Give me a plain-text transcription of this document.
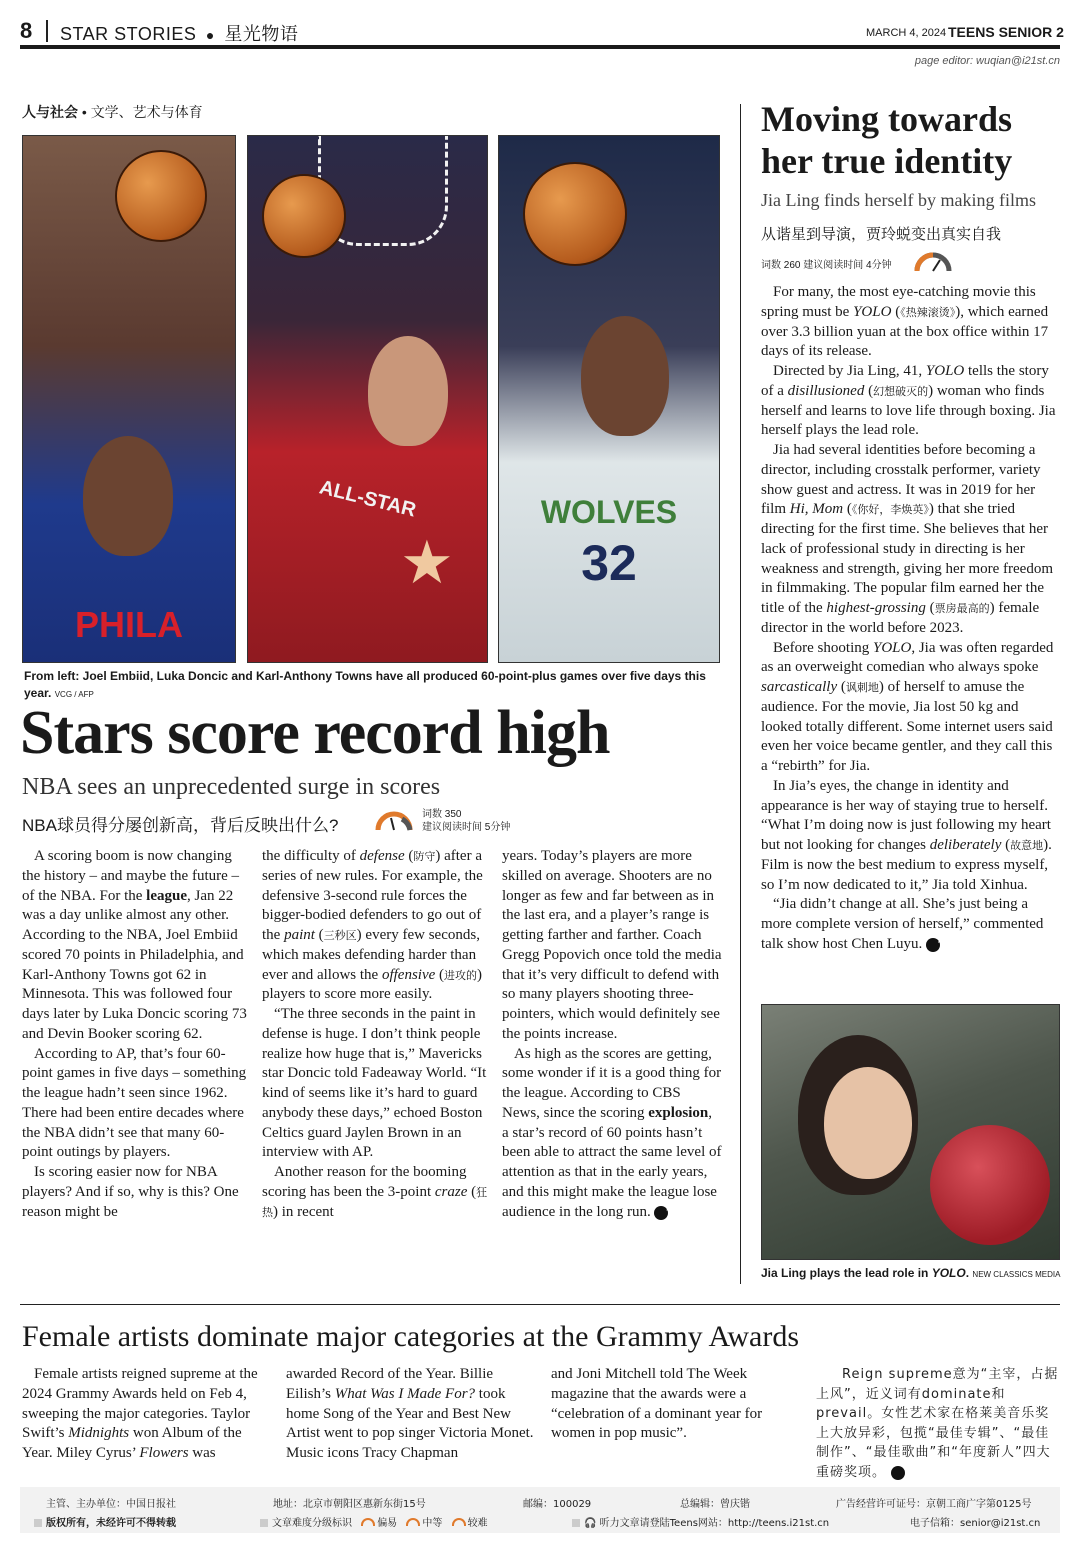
8 STAR STORIES ● 星光物语	MARCH 4, 2024 TEENS SENIOR 2
page editor: wuqian@i21st.cn
人与社会 • 文学、艺术与体育
PHILA
21
ALL-STAR
★
WOLVES
32
From left: Joel Embiid, Luka Doncic and Karl-Anthony Towns have all produced 60-point-plus games over five days this year. VCG / AFP
Stars score record high
NBA sees an unprecedented surge in scores
NBA球员得分屡创新高，背后反映出什么?
词数 350
建议阅读时间 5分钟

A scoring boom is now changing the history – and maybe the future – of the NBA. For the league, Jan 22 was a day unlike almost any other. According to the NBA, Joel Embiid scored 70 points in Philadelphia, and Karl-Anthony Towns got 62 in Minnesota. This was followed four days later by Luka Doncic scoring 73 and Devin Booker scoring 62.

According to AP, that’s four 60-point games in five days – something the league hadn’t seen since 1962. There had been entire decades where the NBA didn’t see that many 60-point outings by players.

Is scoring easier now for NBA players? And if so, why is this? One reason might be

the difficulty of defense (防守) after a series of new rules. For example, the defensive 3-second rule forces the bigger-bodied defenders to go out of the paint (三秒区) every few seconds, which makes defending harder than ever and allows the offensive (进攻的) players to score more easily.

“The three seconds in the paint in defense is huge. I don’t think people realize how huge that is,” Mavericks star Doncic told Fadeaway World. “It kind of seems like it’s hard to guard anybody these days,” echoed Boston Celtics guard Jaylen Brown in an interview with AP.

Another reason for the booming scoring has been the 3-point craze (狂热) in recent

years. Today’s players are more skilled on average. Shooters are no longer as few and far between as in the last era, and a player’s range is getting farther and farther. Coach Gregg Popovich once told the media that it’s very difficult to defend with so many players shooting three-pointers, which would definitely see the points increase.

As high as the scores are getting, some wonder if it is a good thing for the league. According to CBS News, since the scoring explosion, a star’s record of 60 points hasn’t been able to attract the same level of attention as that in the early years, and this might make the league lose audience in the long run. T

Moving towards her true identity
Jia Ling finds herself by making films
从谐星到导演，贾玲蜕变出真实自我
词数 260 建议阅读时间 4分钟

For many, the most eye-catching movie this spring must be YOLO (《热辣滚烫》), which earned over 3.3 billion yuan at the box office within 17 days of its release.

Directed by Jia Ling, 41, YOLO tells the story of a disillusioned (幻想破灭的) woman who finds herself and learns to love life through boxing. Jia herself plays the lead role.

Jia had several identities before becoming a director, including crosstalk performer, variety show guest and actress. It was in 2019 for her film Hi, Mom (《你好，李焕英》) that she tried directing for the first time. She believes that her lack of professional study in directing is her weakness and strength, giving her more freedom in filmmaking. The popular film earned her the title of the highest-grossing (票房最高的) female director in the world before 2023.

Before shooting YOLO, Jia was often regarded as an overweight comedian who always spoke sarcastically (讽刺地) of herself to amuse the audience. For the movie, Jia lost 50 kg and looked totally different. Some internet users said even her voice became gentler, and they call this a “rebirth” for Jia.

In Jia’s eyes, the change in identity and appearance is her way of staying true to herself. “What I’m doing now is just following my heart but not looking for changes deliberately (故意地). Film is now the best medium to express myself, so I’m now dedicated to it,” Jia told Xinhua.

“Jia didn’t change at all. She’s just being a more complete version of herself,” commented talk show host Chen Luyu. T

Jia Ling plays the lead role in YOLO. NEW CLASSICS MEDIA
Female artists dominate major categories at the Grammy Awards

Female artists reigned supreme at the 2024 Grammy Awards held on Feb 4, sweeping the major categories. Taylor Swift’s Midnights won Album of the Year. Miley Cyrus’ Flowers was

awarded Record of the Year. Billie Eilish’s What Was I Made For? took home Song of the Year and Best New Artist went to pop singer Victoria Monet. Music icons Tracy Chapman

and Joni Mitchell told The Week magazine that the awards were a “celebration of a dominant year for women in pop music”.

Reign supreme意为“主宰，占据上风”，近义词有dominate和prevail。女性艺术家在格莱美音乐奖上大放异彩，包揽“最佳专辑”、“最佳制作”、“最佳歌曲”和“年度新人”四大重磅奖项。	T

主管、主办单位：中国日报社	地址：北京市朝阳区惠新东街15号	邮编：100029	总编辑：曾庆锴	广告经营许可证号：京朝工商广字第0125号
版权所有，未经许可不得转载	文章难度分级标识	偏易	中等	较难	🎧 听力文章请登陆Teens网站：http://teens.i21st.cn	电子信箱：senior@i21st.cn
